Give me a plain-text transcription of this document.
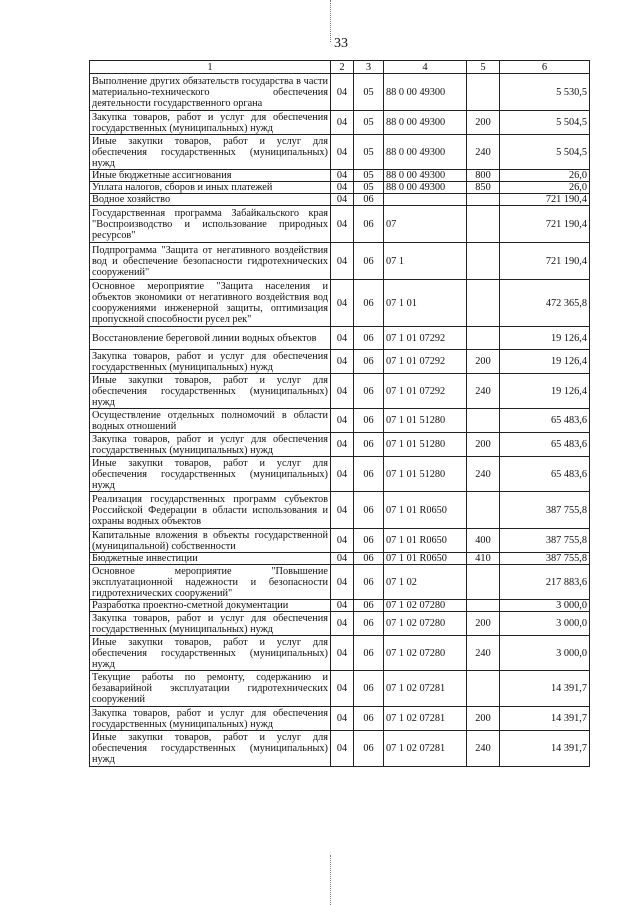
33
1	2	3	4	5	6
Выполнение других обязательств государства в части материально-технического обеспечения деятельности государственного органа	04	05	88 0 00 49300		5 530,5
Закупка товаров, работ и услуг для обеспечения государственных (муниципальных) нужд	04	05	88 0 00 49300	200	5 504,5
Иные закупки товаров, работ и услуг для обеспечения государственных (муниципальных) нужд	04	05	88 0 00 49300	240	5 504,5
Иные бюджетные ассигнования	04	05	88 0 00 49300	800	26,0
Уплата налогов, сборов и иных платежей	04	05	88 0 00 49300	850	26,0
Водное хозяйство	04	06			721 190,4
Государственная программа Забайкальского края "Воспроизводство и использование природных ресурсов"	04	06	07		721 190,4
Подпрограмма "Защита от негативного воздействия вод и обеспечение безопасности гидротехнических сооружений"	04	06	07 1		721 190,4
Основное мероприятие "Защита населения и объектов экономики от негативного воздействия вод сооружениями инженерной защиты, оптимизация пропускной способности русел рек"	04	06	07 1 01		472 365,8
Восстановление береговой линии водных объектов	04	06	07 1 01 07292		19 126,4
Закупка товаров, работ и услуг для обеспечения государственных (муниципальных) нужд	04	06	07 1 01 07292	200	19 126,4
Иные закупки товаров, работ и услуг для обеспечения государственных (муниципальных) нужд	04	06	07 1 01 07292	240	19 126,4
Осуществление отдельных полномочий в области водных отношений	04	06	07 1 01 51280		65 483,6
Закупка товаров, работ и услуг для обеспечения государственных (муниципальных) нужд	04	06	07 1 01 51280	200	65 483,6
Иные закупки товаров, работ и услуг для обеспечения государственных (муниципальных) нужд	04	06	07 1 01 51280	240	65 483,6
Реализация государственных программ субъектов Российской Федерации в области использования и охраны водных объектов	04	06	07 1 01 R0650		387 755,8
Капитальные вложения в объекты государственной (муниципальной) собственности	04	06	07 1 01 R0650	400	387 755,8
Бюджетные инвестиции	04	06	07 1 01 R0650	410	387 755,8
Основное мероприятие "Повышение эксплуатационной надежности и безопасности гидротехнических сооружений"	04	06	07 1 02		217 883,6
Разработка проектно-сметной документации	04	06	07 1 02 07280		3 000,0
Закупка товаров, работ и услуг для обеспечения государственных (муниципальных) нужд	04	06	07 1 02 07280	200	3 000,0
Иные закупки товаров, работ и услуг для обеспечения государственных (муниципальных) нужд	04	06	07 1 02 07280	240	3 000,0
Текущие работы по ремонту, содержанию и безаварийной эксплуатации гидротехнических сооружений	04	06	07 1 02 07281		14 391,7
Закупка товаров, работ и услуг для обеспечения государственных (муниципальных) нужд	04	06	07 1 02 07281	200	14 391,7
Иные закупки товаров, работ и услуг для обеспечения государственных (муниципальных) нужд	04	06	07 1 02 07281	240	14 391,7
